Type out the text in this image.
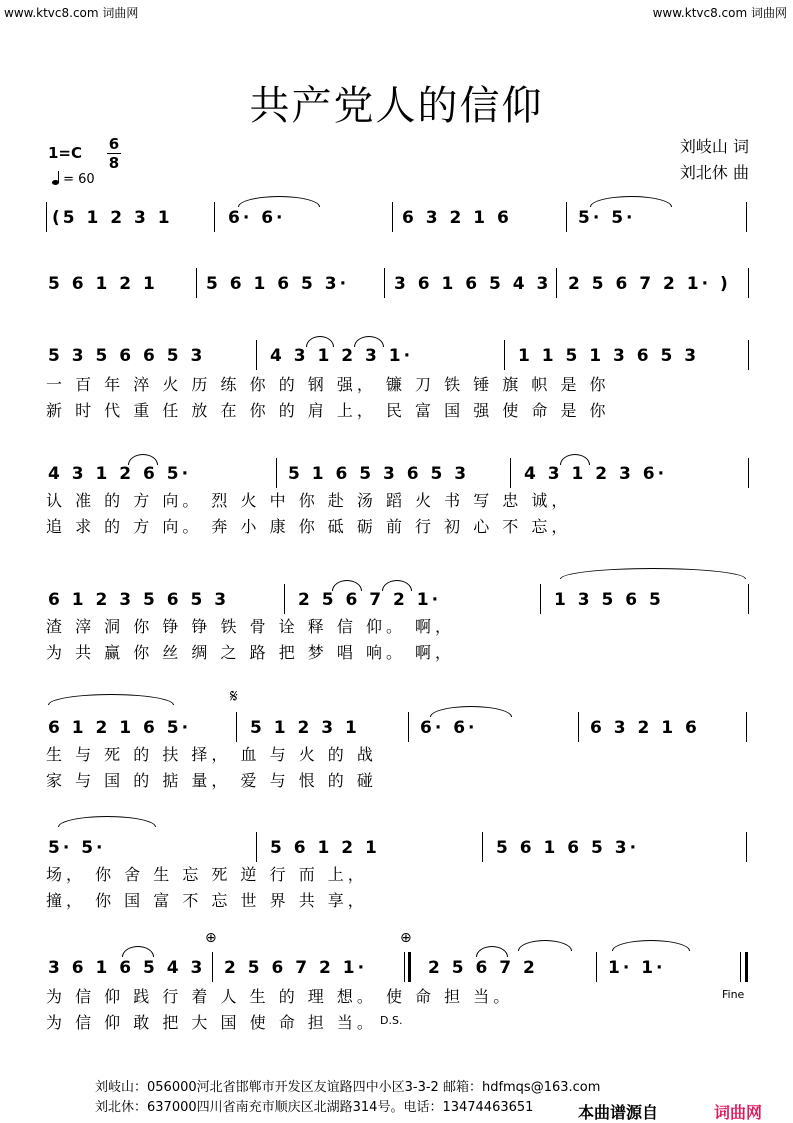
www.ktvc8.com 词曲网	www.ktvc8.com 词曲网
共产党人的信仰
刘岐山 词
刘北休 曲
1=C 6
8
= 60
(5 1 2 3 1	6· 6·	6 3 2 1 6	5· 5·
5 6 1 2 1	5 6 1 6 5 3·	3 6 1 6 5 4 3 2 5 6 7 2 1· )
5 3 5 6 6 5 3	4 3 1 2 3 1·	1 1 5 1 3 6 5 3
一 百 年 淬 火 历 练 你 的 钢 强， 镰 刀 铁 锤 旗 帜 是 你
新 时 代 重 任 放 在 你 的 肩 上， 民 富 国 强 使 命 是 你
4 3 1 2 6 5·	5 1 6 5 3 6 5 3	4 3 1 2 3 6·
认 准 的 方 向。 烈 火 中 你 赴 汤 蹈 火 书 写 忠 诚，
追 求 的 方 向。 奔 小 康 你 砥 砺 前 行 初 心 不 忘，
6 1 2 3 5 6 5 3	2 5 6 7 2 1·	1 3 5 6 5
渣 滓 洞 你 铮 铮 铁 骨 诠 释 信 仰。 啊，
为 共 赢 你 丝 绸 之 路 把 梦 唱 响。 啊，
6 1 2 1 6 5·
𝄋
5 1 2 3 1	6· 6·	6 3 2 1 6
生 与 死 的 扶 择， 血 与 火 的 战
家 与 国 的 掂 量， 爱 与 恨 的 碰
5· 5·	5 6 1 2 1	5 6 1 6 5 3·
场， 你 舍 生 忘 死 逆 行 而 上，
撞， 你 国 富 不 忘 世 界 共 享，
3 6 1 6 5 4 3
⊕
2 5 6 7 2 1·
⊕
2 5 6 7 2	1· 1·
Fine
D.S.
为 信 仰 践 行 着 人 生 的 理 想。 使 命 担 当。
为 信 仰 敢 把 大 国 使 命 担 当。
刘岐山：056000河北省邯郸市开发区友谊路四中小区3-3-2 邮箱：hdfmqs@163.com
刘北休：637000四川省南充市顺庆区北湖路314号。电话：13474463651	本曲谱源自	词曲网
